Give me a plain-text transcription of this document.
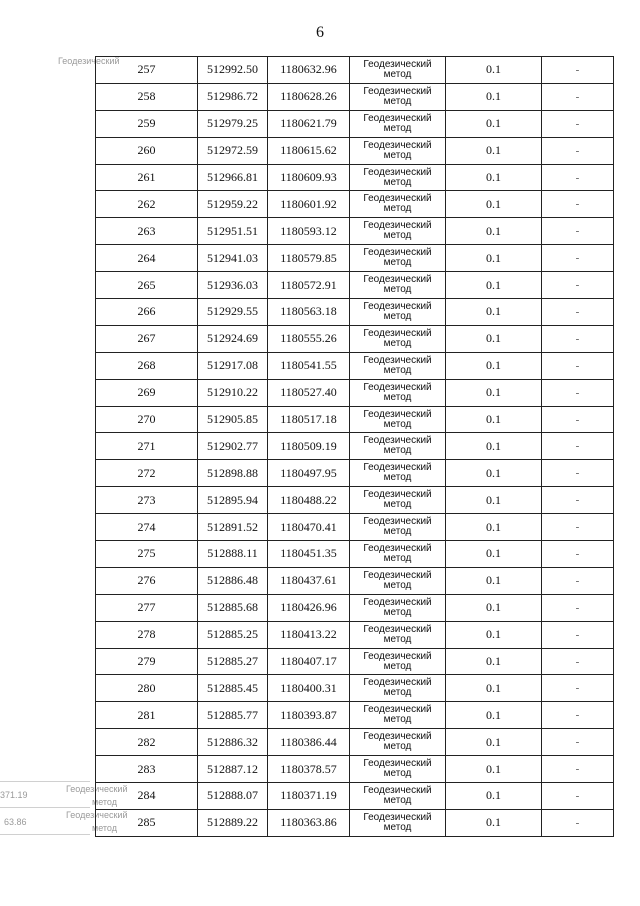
6
Геодезический
371.19
Геодезический
метод
63.86
Геодезический
метод
257	512992.50	1180632.96	Геодезический метод	0.1	-
258	512986.72	1180628.26	Геодезический метод	0.1	-
259	512979.25	1180621.79	Геодезический метод	0.1	-
260	512972.59	1180615.62	Геодезический метод	0.1	-
261	512966.81	1180609.93	Геодезический метод	0.1	-
262	512959.22	1180601.92	Геодезический метод	0.1	-
263	512951.51	1180593.12	Геодезический метод	0.1	-
264	512941.03	1180579.85	Геодезический метод	0.1	-
265	512936.03	1180572.91	Геодезический метод	0.1	-
266	512929.55	1180563.18	Геодезический метод	0.1	-
267	512924.69	1180555.26	Геодезический метод	0.1	-
268	512917.08	1180541.55	Геодезический метод	0.1	-
269	512910.22	1180527.40	Геодезический метод	0.1	-
270	512905.85	1180517.18	Геодезический метод	0.1	-
271	512902.77	1180509.19	Геодезический метод	0.1	-
272	512898.88	1180497.95	Геодезический метод	0.1	-
273	512895.94	1180488.22	Геодезический метод	0.1	-
274	512891.52	1180470.41	Геодезический метод	0.1	-
275	512888.11	1180451.35	Геодезический метод	0.1	-
276	512886.48	1180437.61	Геодезический метод	0.1	-
277	512885.68	1180426.96	Геодезический метод	0.1	-
278	512885.25	1180413.22	Геодезический метод	0.1	-
279	512885.27	1180407.17	Геодезический метод	0.1	-
280	512885.45	1180400.31	Геодезический метод	0.1	-
281	512885.77	1180393.87	Геодезический метод	0.1	-
282	512886.32	1180386.44	Геодезический метод	0.1	-
283	512887.12	1180378.57	Геодезический метод	0.1	-
284	512888.07	1180371.19	Геодезический метод	0.1	-
285	512889.22	1180363.86	Геодезический метод	0.1	-
